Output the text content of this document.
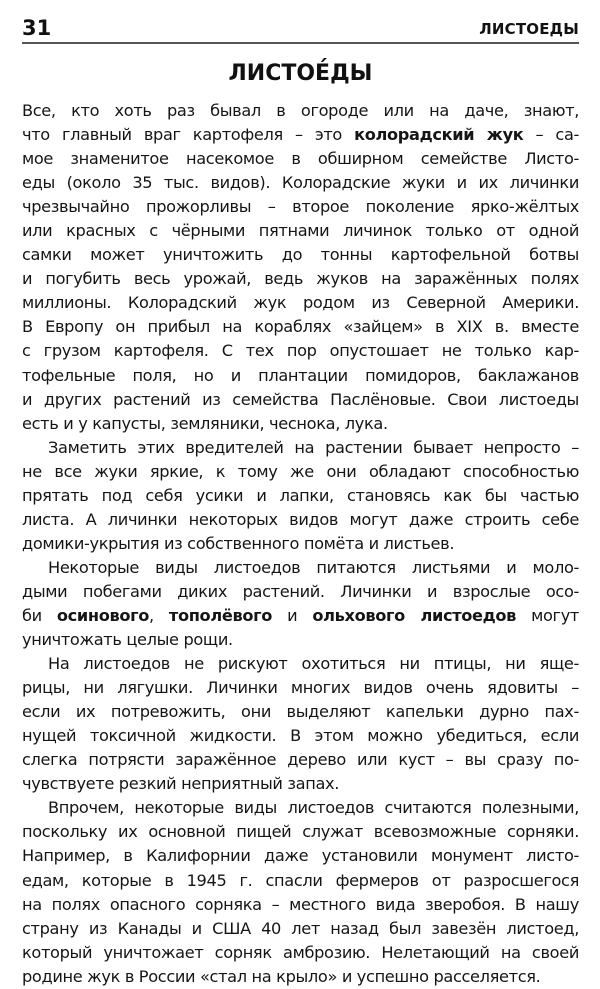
31	ЛИСТОЕДЫ
ЛИСТОЕ́ДЫ
Все, кто хоть раз бывал в огороде или на даче, знают,
что главный враг картофеля – это колорадский жук – са-
мое знаменитое насекомое в обширном семействе Листо-
еды (около 35 тыс. видов). Колорадские жуки и их личинки
чрезвычайно прожорливы – второе поколение ярко-жёлтых
или красных с чёрными пятнами личинок только от одной
самки может уничтожить до тонны картофельной ботвы
и погубить весь урожай, ведь жуков на заражённых полях
миллионы. Колорадский жук родом из Северной Америки.
В Европу он прибыл на кораблях «зайцем» в XIX в. вместе
с грузом картофеля. С тех пор опустошает не только кар-
тофельные поля, но и плантации помидоров, баклажанов
и других растений из семейства Паслёновые. Свои листоеды
есть и у капусты, земляники, чеснока, лука.
Заметить этих вредителей на растении бывает непросто –
не все жуки яркие, к тому же они обладают способностью
прятать под себя усики и лапки, становясь как бы частью
листа. А личинки некоторых видов могут даже строить себе
домики-укрытия из собственного помёта и листьев.
Некоторые виды листоедов питаются листьями и моло-
дыми побегами диких растений. Личинки и взрослые осо-
би осинового, тополёвого и ольхового листоедов могут
уничтожать целые рощи.
На листоедов не рискуют охотиться ни птицы, ни яще-
рицы, ни лягушки. Личинки многих видов очень ядовиты –
если их потревожить, они выделяют капельки дурно пах-
нущей токсичной жидкости. В этом можно убедиться, если
слегка потрясти заражённое дерево или куст – вы сразу по-
чувствуете резкий неприятный запах.
Впрочем, некоторые виды листоедов считаются полезными,
поскольку их основной пищей служат всевозможные сорняки.
Например, в Калифорнии даже установили монумент листо-
едам, которые в 1945 г. спасли фермеров от разросшегося
на полях опасного сорняка – местного вида зверобоя. В нашу
страну из Канады и США 40 лет назад был завезён листоед,
который уничтожает сорняк амброзию. Нелетающий на своей
родине жук в России «стал на крыло» и успешно расселяется.
